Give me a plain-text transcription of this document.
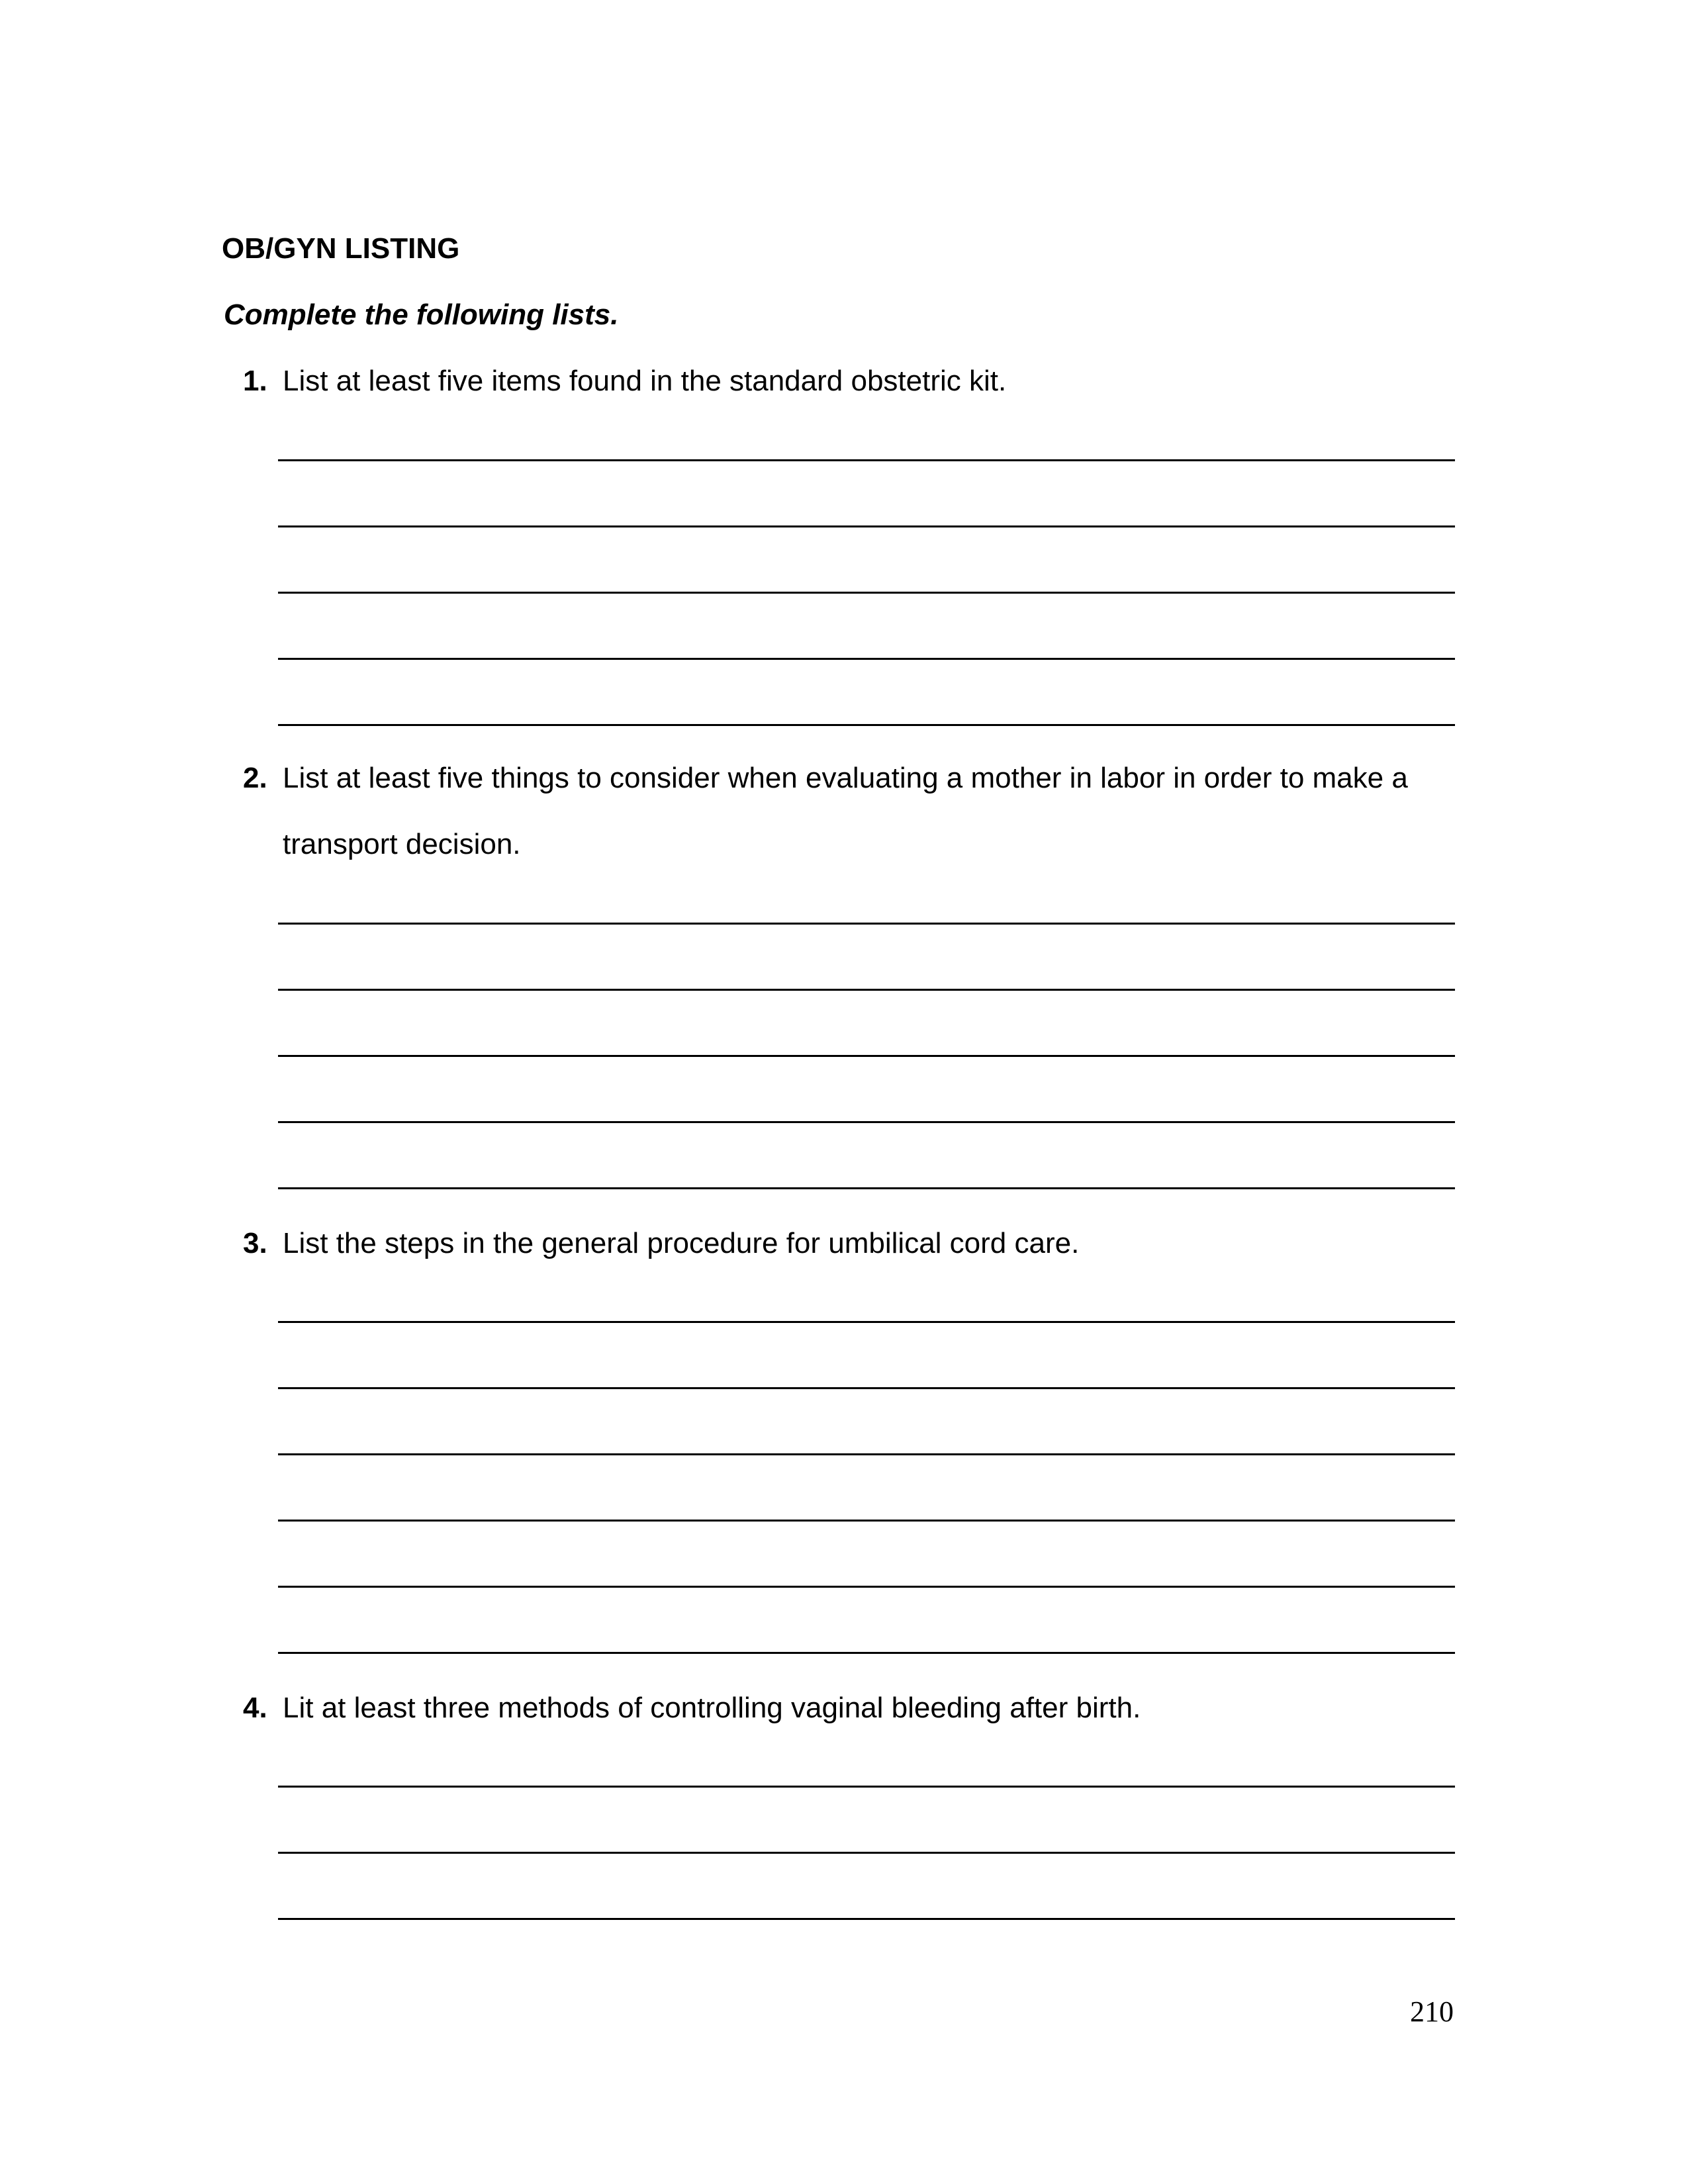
OB/GYN LISTING
Complete the following lists.
1. List at least five items found in the standard obstetric kit.
2. List at least five things to consider when evaluating a mother in labor in order to make a
transport decision.
3. List the steps in the general procedure for umbilical cord care.
4. Lit at least three methods of controlling vaginal bleeding after birth.
210
